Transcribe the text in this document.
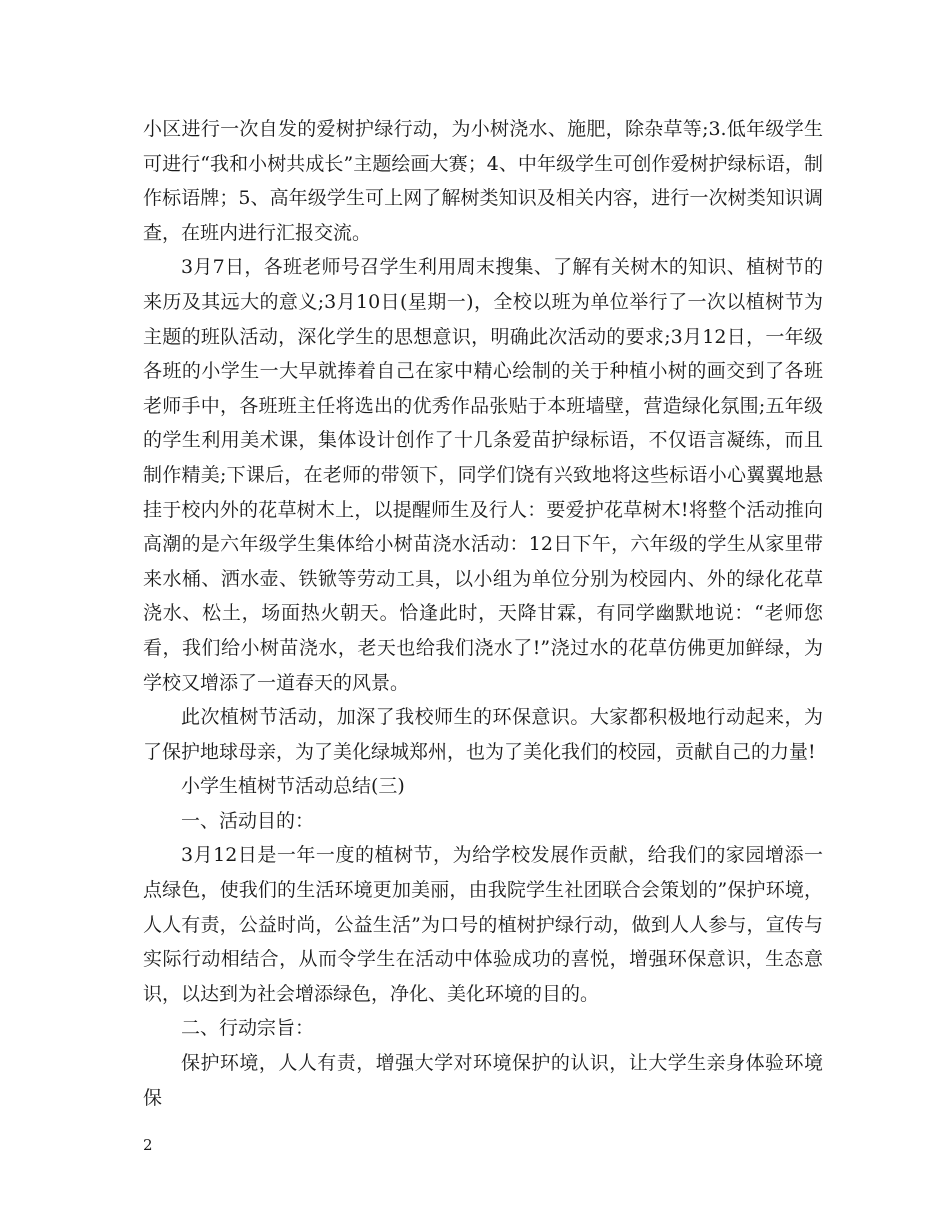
小区进行一次自发的爱树护绿行动，为小树浇水、施肥，除杂草等;3.低年级学生可进行“我和小树共成长”主题绘画大赛；4、中年级学生可创作爱树护绿标语，制作标语牌；5、高年级学生可上网了解树类知识及相关内容，进行一次树类知识调查，在班内进行汇报交流。

3月7日，各班老师号召学生利用周末搜集、了解有关树木的知识、植树节的来历及其远大的意义;3月10日(星期一)，全校以班为单位举行了一次以植树节为主题的班队活动，深化学生的思想意识，明确此次活动的要求;3月12日，一年级各班的小学生一大早就捧着自己在家中精心绘制的关于种植小树的画交到了各班老师手中，各班班主任将选出的优秀作品张贴于本班墙壁，营造绿化氛围;五年级的学生利用美术课，集体设计创作了十几条爱苗护绿标语，不仅语言凝练，而且制作精美;下课后，在老师的带领下，同学们饶有兴致地将这些标语小心翼翼地悬挂于校内外的花草树木上，以提醒师生及行人：要爱护花草树木!将整个活动推向高潮的是六年级学生集体给小树苗浇水活动：12日下午，六年级的学生从家里带来水桶、洒水壶、铁锨等劳动工具，以小组为单位分别为校园内、外的绿化花草浇水、松土，场面热火朝天。恰逢此时，天降甘霖，有同学幽默地说：“老师您看，我们给小树苗浇水，老天也给我们浇水了!”浇过水的花草仿佛更加鲜绿，为学校又增添了一道春天的风景。

此次植树节活动，加深了我校师生的环保意识。大家都积极地行动起来，为了保护地球母亲，为了美化绿城郑州，也为了美化我们的校园，贡献自己的力量!

小学生植树节活动总结(三)

一、活动目的：

3月12日是一年一度的植树节，为给学校发展作贡献，给我们的家园增添一点绿色，使我们的生活环境更加美丽，由我院学生社团联合会策划的”保护环境，人人有责，公益时尚，公益生活”为口号的植树护绿行动，做到人人参与，宣传与实际行动相结合，从而令学生在活动中体验成功的喜悦，增强环保意识，生态意识，以达到为社会增添绿色，净化、美化环境的目的。

二、行动宗旨：

保护环境，人人有责，增强大学对环境保护的认识，让大学生亲身体验环境保

2
